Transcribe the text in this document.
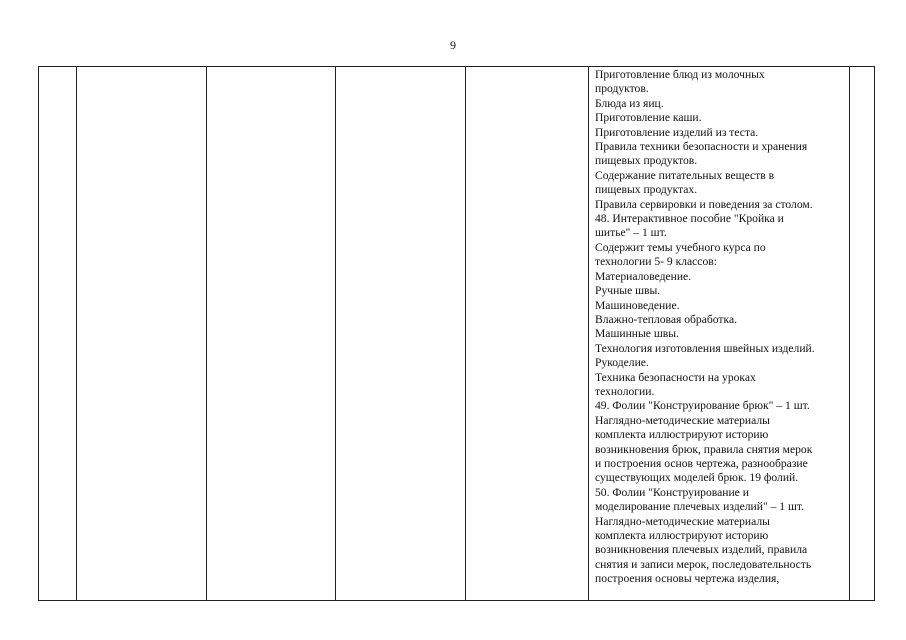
9

Приготовление блюд из молочных
продуктов.
Блюда из яиц.
Приготовление каши.
Приготовление изделий из теста.
Правила техники безопасности и хранения
пищевых продуктов.
Содержание питательных веществ в
пищевых продуктах.
Правила сервировки и поведения за столом.
48. Интерактивное пособие "Кройка и
шитье" – 1 шт.
Содержит темы учебного курса по
технологии 5- 9 классов:
Материаловедение.
Ручные швы.
Машиноведение.
Влажно-тепловая обработка.
Машинные швы.
Технология изготовления швейных изделий.
Рукоделие.
Техника безопасности на уроках
технологии.
49. Фолии "Конструирование брюк" – 1 шт.
Наглядно-методические материалы
комплекта иллюстрируют историю
возникновения брюк, правила снятия мерок
и построения основ чертежа, разнообразие
существующих моделей брюк. 19 фолий.
50. Фолии "Конструирование и
моделирование плечевых изделий" – 1 шт.
Наглядно-методические материалы
комплекта иллюстрируют историю
возникновения плечевых изделий, правила
снятия и записи мерок, последовательность
построения основы чертежа изделия,
